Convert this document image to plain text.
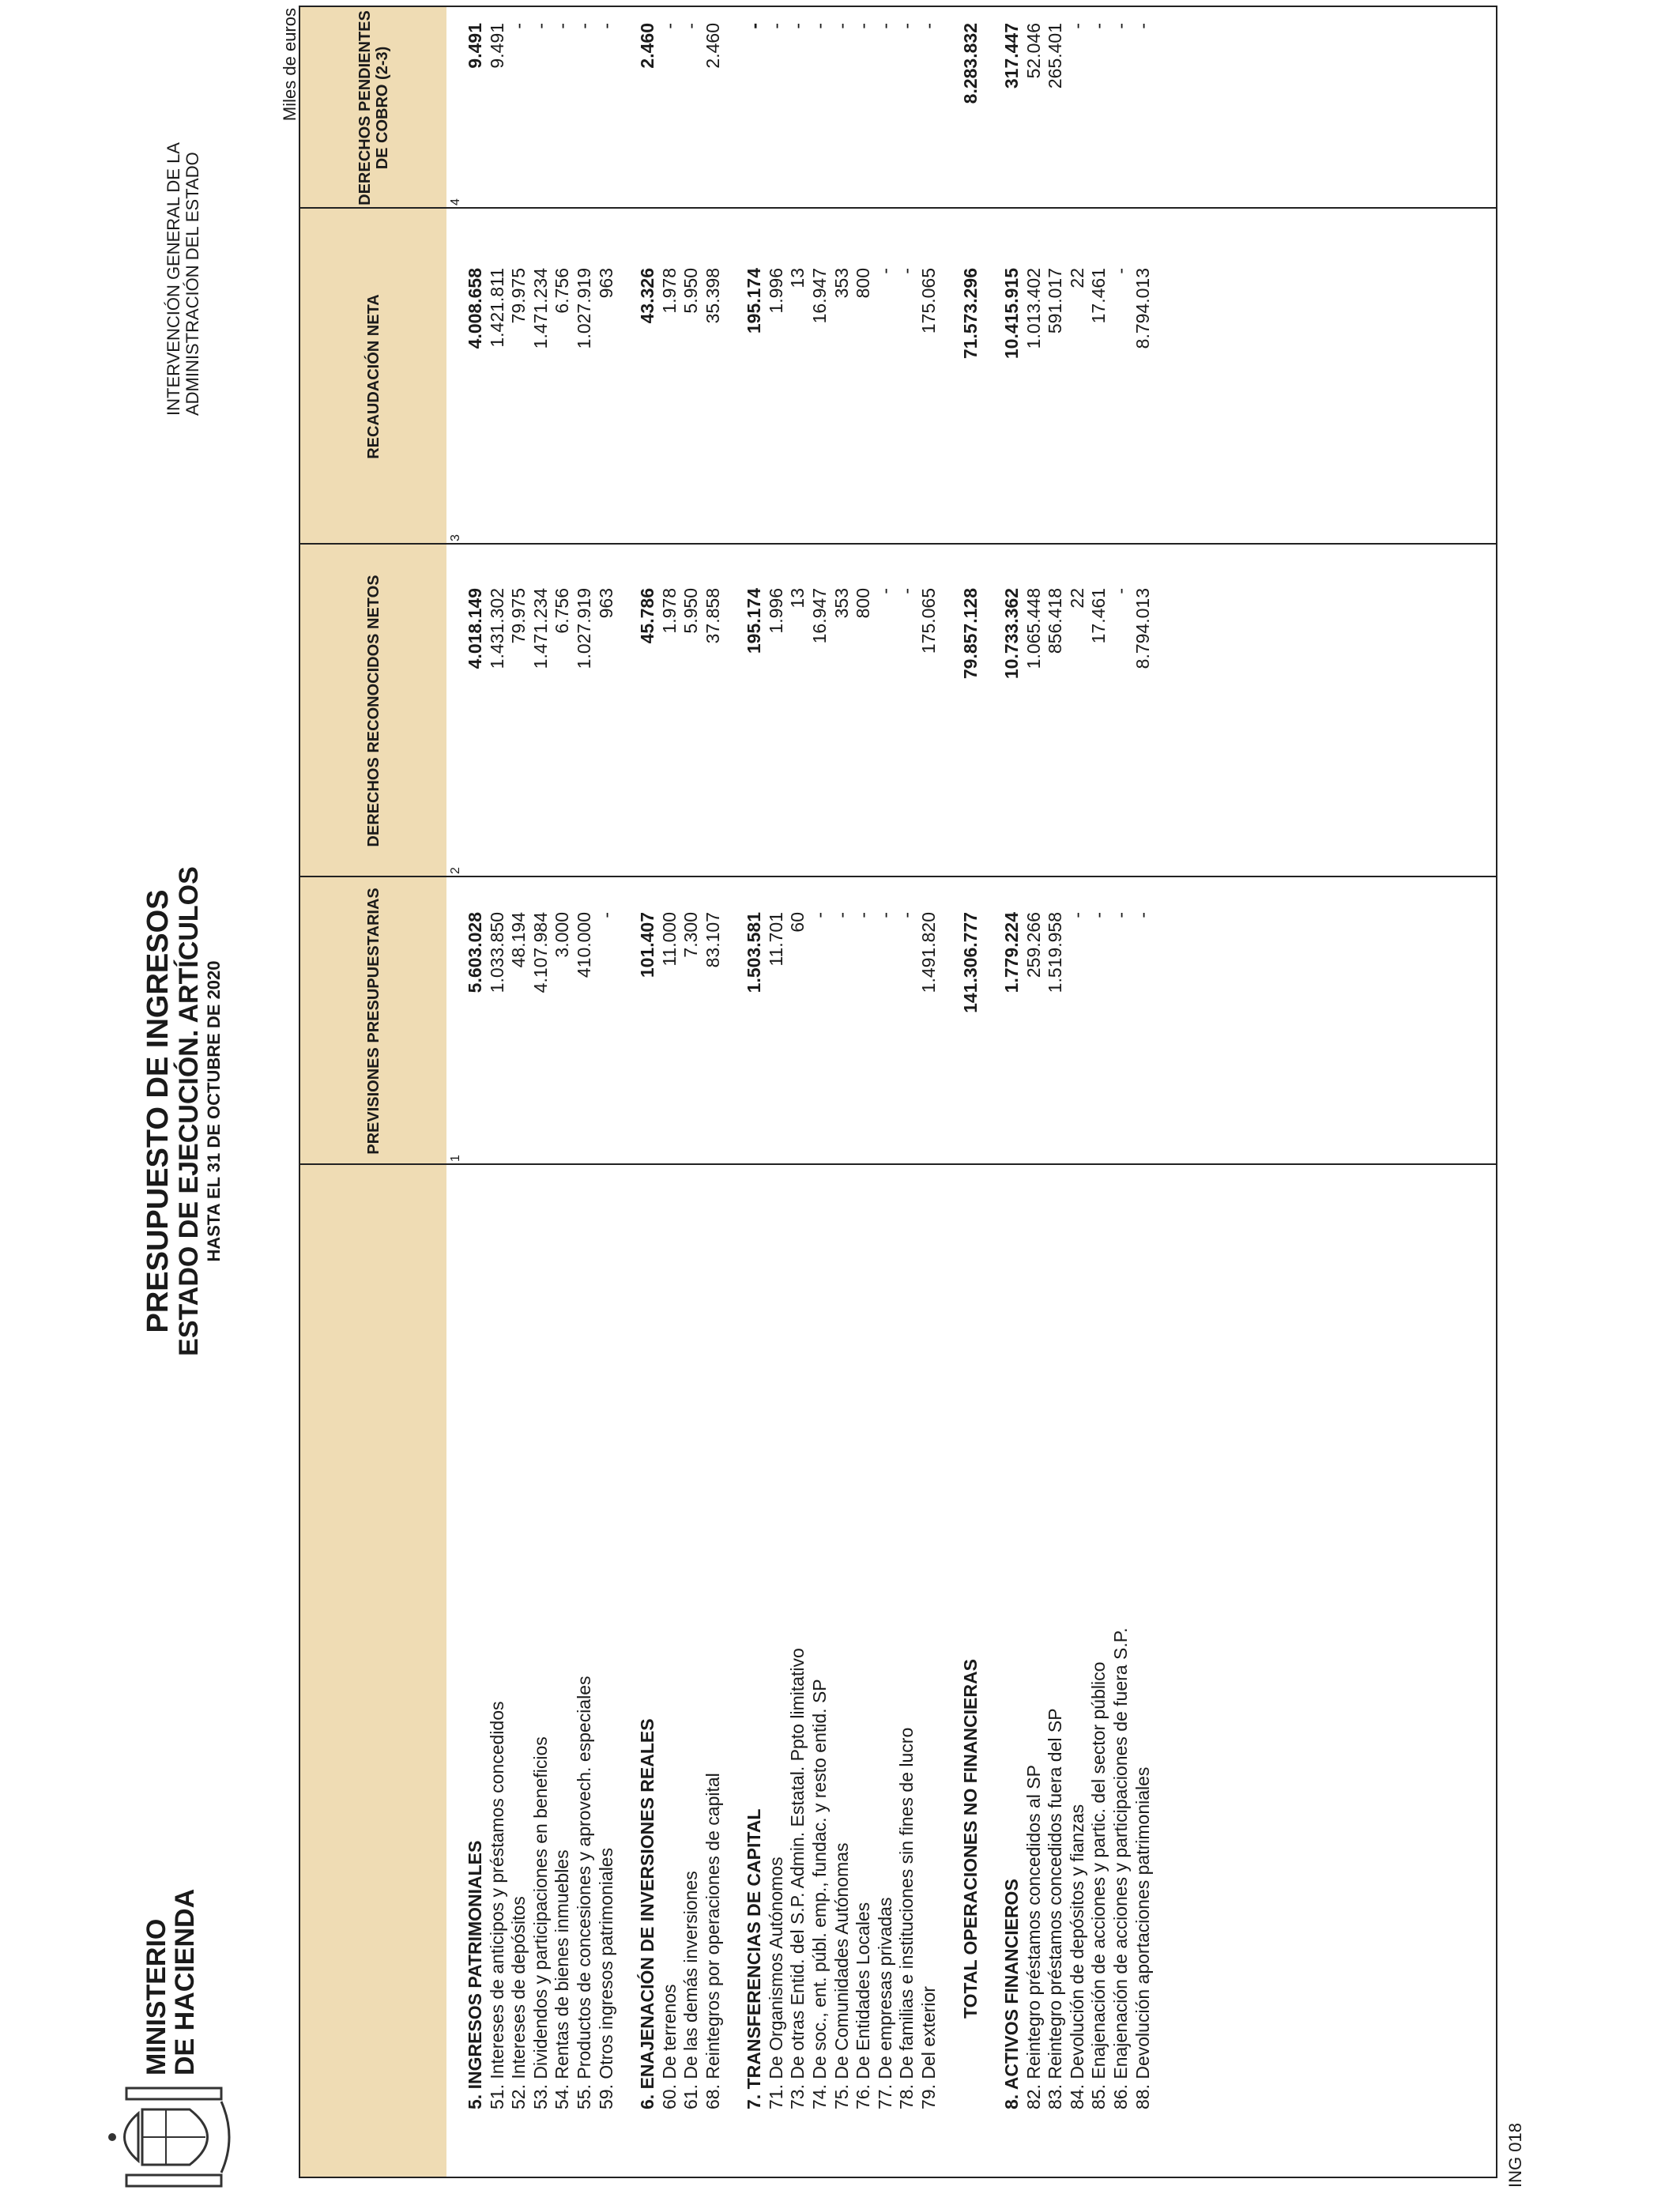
MINISTERIO
DE HACIENDA
PRESUPUESTO DE INGRESOS ESTADO DE EJECUCIÓN. ARTÍCULOS HASTA EL 31 DE OCTUBRE DE 2020
INTERVENCIÓN GENERAL DE LA ADMINISTRACIÓN DEL ESTADO
Miles de euros
ING 018
PREVISIONES PRESUPUESTARIAS
DERECHOS RECONOCIDOS NETOS
RECAUDACIÓN NETA
DERECHOS PENDIENTES DE COBRO (2-3)
1
2
3
4
5. INGRESOS PATRIMONIALES
5.603.028
4.018.149
4.008.658
9.491
51. Intereses de anticipos y préstamos concedidos
1.033.850
1.431.302
1.421.811
9.491
52. Intereses de depósitos
48.194
79.975
79.975
-
53. Dividendos y participaciones en beneficios
4.107.984
1.471.234
1.471.234
-
54. Rentas de bienes inmuebles
3.000
6.756
6.756
-
55. Productos de concesiones y aprovech. especiales
410.000
1.027.919
1.027.919
-
59. Otros ingresos patrimoniales
-
963
963
-
6. ENAJENACIÓN DE INVERSIONES REALES
101.407
45.786
43.326
2.460
60. De terrenos
11.000
1.978
1.978
-
61. De las demás inversiones
7.300
5.950
5.950
-
68. Reintegros por operaciones de capital
83.107
37.858
35.398
2.460
7. TRANSFERENCIAS DE CAPITAL
1.503.581
195.174
195.174
-
71. De Organismos Autónomos
11.701
1.996
1.996
-
73. De otras Entid. del S.P. Admin. Estatal. Ppto limitativo
60
13
13
-
74. De soc., ent. públ. emp., fundac. y resto entid. SP
-
16.947
16.947
-
75. De Comunidades Autónomas
-
353
353
-
76. De Entidades Locales
-
800
800
-
77. De empresas privadas
-
-
-
-
78. De familias e instituciones sin fines de lucro
-
-
-
-
79. Del exterior
1.491.820
175.065
175.065
-
TOTAL OPERACIONES NO FINANCIERAS
141.306.777
79.857.128
71.573.296
8.283.832
8. ACTIVOS FINANCIEROS
1.779.224
10.733.362
10.415.915
317.447
82. Reintegro préstamos concedidos al SP
259.266
1.065.448
1.013.402
52.046
83. Reintegro préstamos concedidos fuera del SP
1.519.958
856.418
591.017
265.401
84. Devolución de depósitos y fianzas
-
22
22
-
85. Enajenación de acciones y partic. del sector público
-
17.461
17.461
-
86. Enajenación de acciones y participaciones de fuera S.P.
-
-
-
-
88. Devolución aportaciones patrimoniales
-
8.794.013
8.794.013
-
